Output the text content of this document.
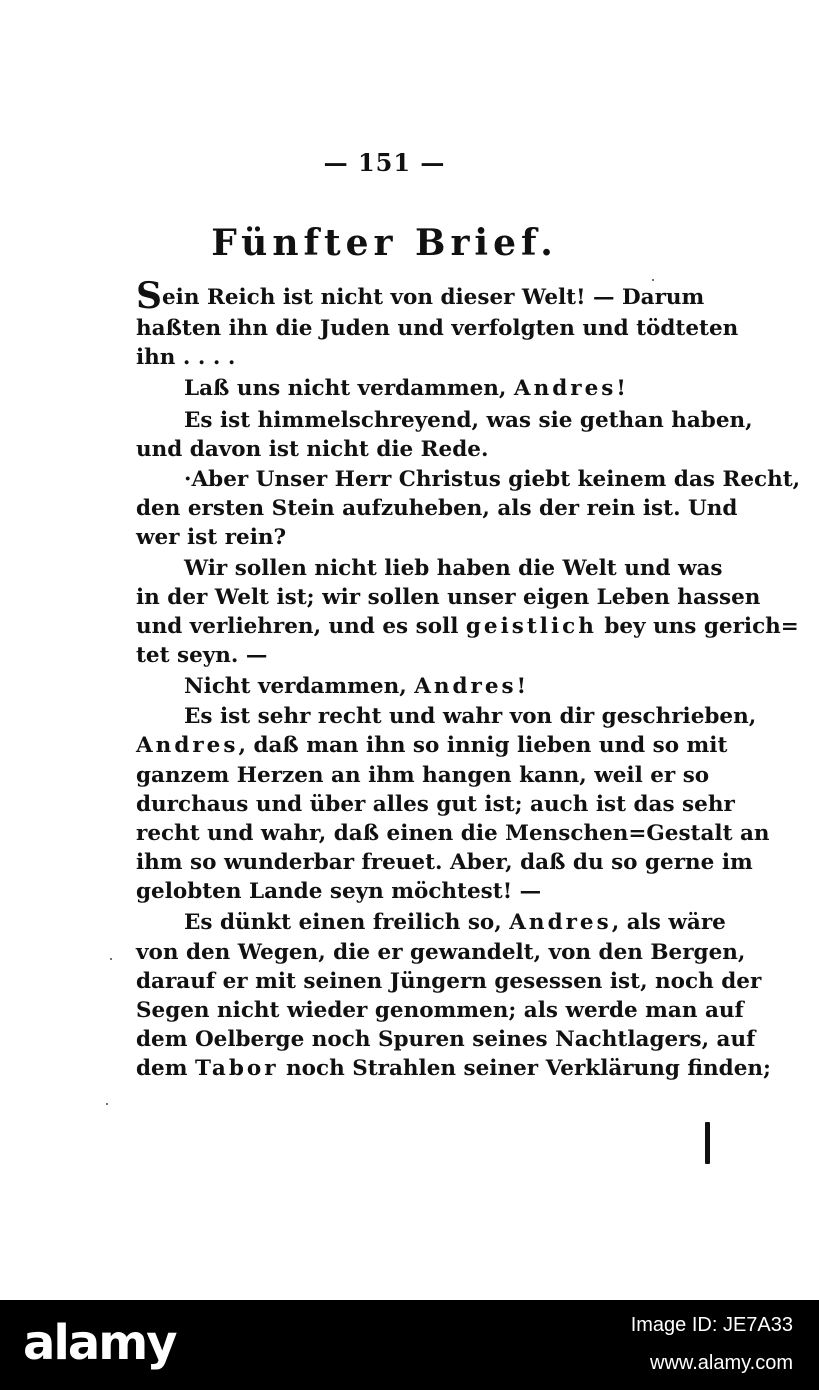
— 151 —
Fünfter Brief.
Sein Reich ist nicht von dieser Welt! — Darum
haßten ihn die Juden und verfolgten und tödteten
ihn . . . .
Laß uns nicht verdammen, Andres!
Es ist himmelschreyend, was sie gethan haben,
und davon ist nicht die Rede.
·Aber Unser Herr Christus giebt keinem das Recht,
den ersten Stein aufzuheben, als der rein ist. Und
wer ist rein?
Wir sollen nicht lieb haben die Welt und was
in der Welt ist; wir sollen unser eigen Leben hassen
und verliehren, und es soll geistlich bey uns gerich=
tet seyn. —
Nicht verdammen, Andres!
Es ist sehr recht und wahr von dir geschrieben,
Andres, daß man ihn so innig lieben und so mit
ganzem Herzen an ihm hangen kann, weil er so
durchaus und über alles gut ist; auch ist das sehr
recht und wahr, daß einen die Menschen=Gestalt an
ihm so wunderbar freuet. Aber, daß du so gerne im
gelobten Lande seyn möchtest! —
Es dünkt einen freilich so, Andres, als wäre
von den Wegen, die er gewandelt, von den Bergen,
darauf er mit seinen Jüngern gesessen ist, noch der
Segen nicht wieder genommen; als werde man auf
dem Oelberge noch Spuren seines Nachtlagers, auf
dem Tabor noch Strahlen seiner Verklärung finden;
alamy	Image ID: JE7A33
www.alamy.com
